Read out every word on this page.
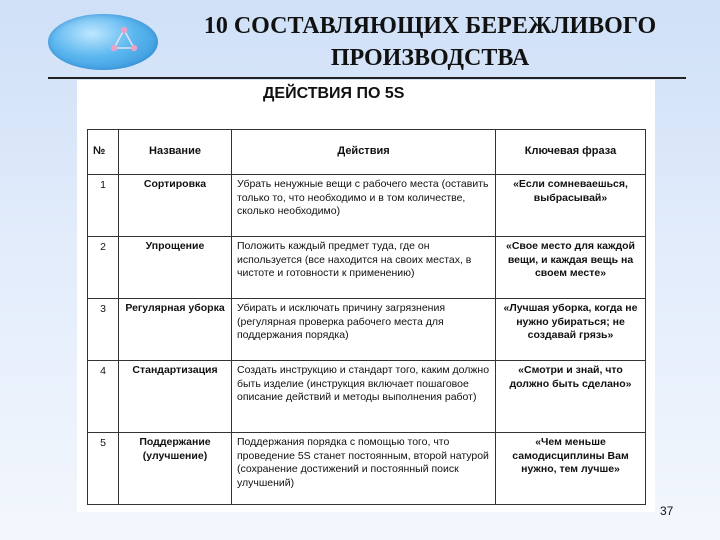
10 СОСТАВЛЯЮЩИХ БЕРЕЖЛИВОГО
ПРОИЗВОДСТВА
ДЕЙСТВИЯ ПО 5S
№	Название	Действия	Ключевая фраза
1	Сортировка	Убрать ненужные вещи с рабочего места (оставить только то, что необходимо и в том количестве, сколько необходимо)	«Если сомневаешься, выбрасывай»
2	Упрощение	Положить каждый предмет туда, где он используется (все находится на своих местах, в чистоте и готовности к применению)	«Свое место для каждой вещи, и каждая вещь на своем месте»
3	Регулярная уборка	Убирать и исключать причину загрязнения (регулярная проверка рабочего места для поддержания порядка)	«Лучшая уборка, когда не нужно убираться; не создавай грязь»
4	Стандартизация	Создать инструкцию и стандарт того, каким должно быть изделие (инструкция включает пошаговое описание действий и методы выполнения работ)	«Смотри и знай, что должно быть сделано»
5	Поддержание (улучшение)	Поддержания порядка с помощью того, что проведение 5S станет постоянным, второй натурой (сохранение достижений и постоянный поиск улучшений)	«Чем меньше самодисциплины Вам нужно, тем лучше»
37
